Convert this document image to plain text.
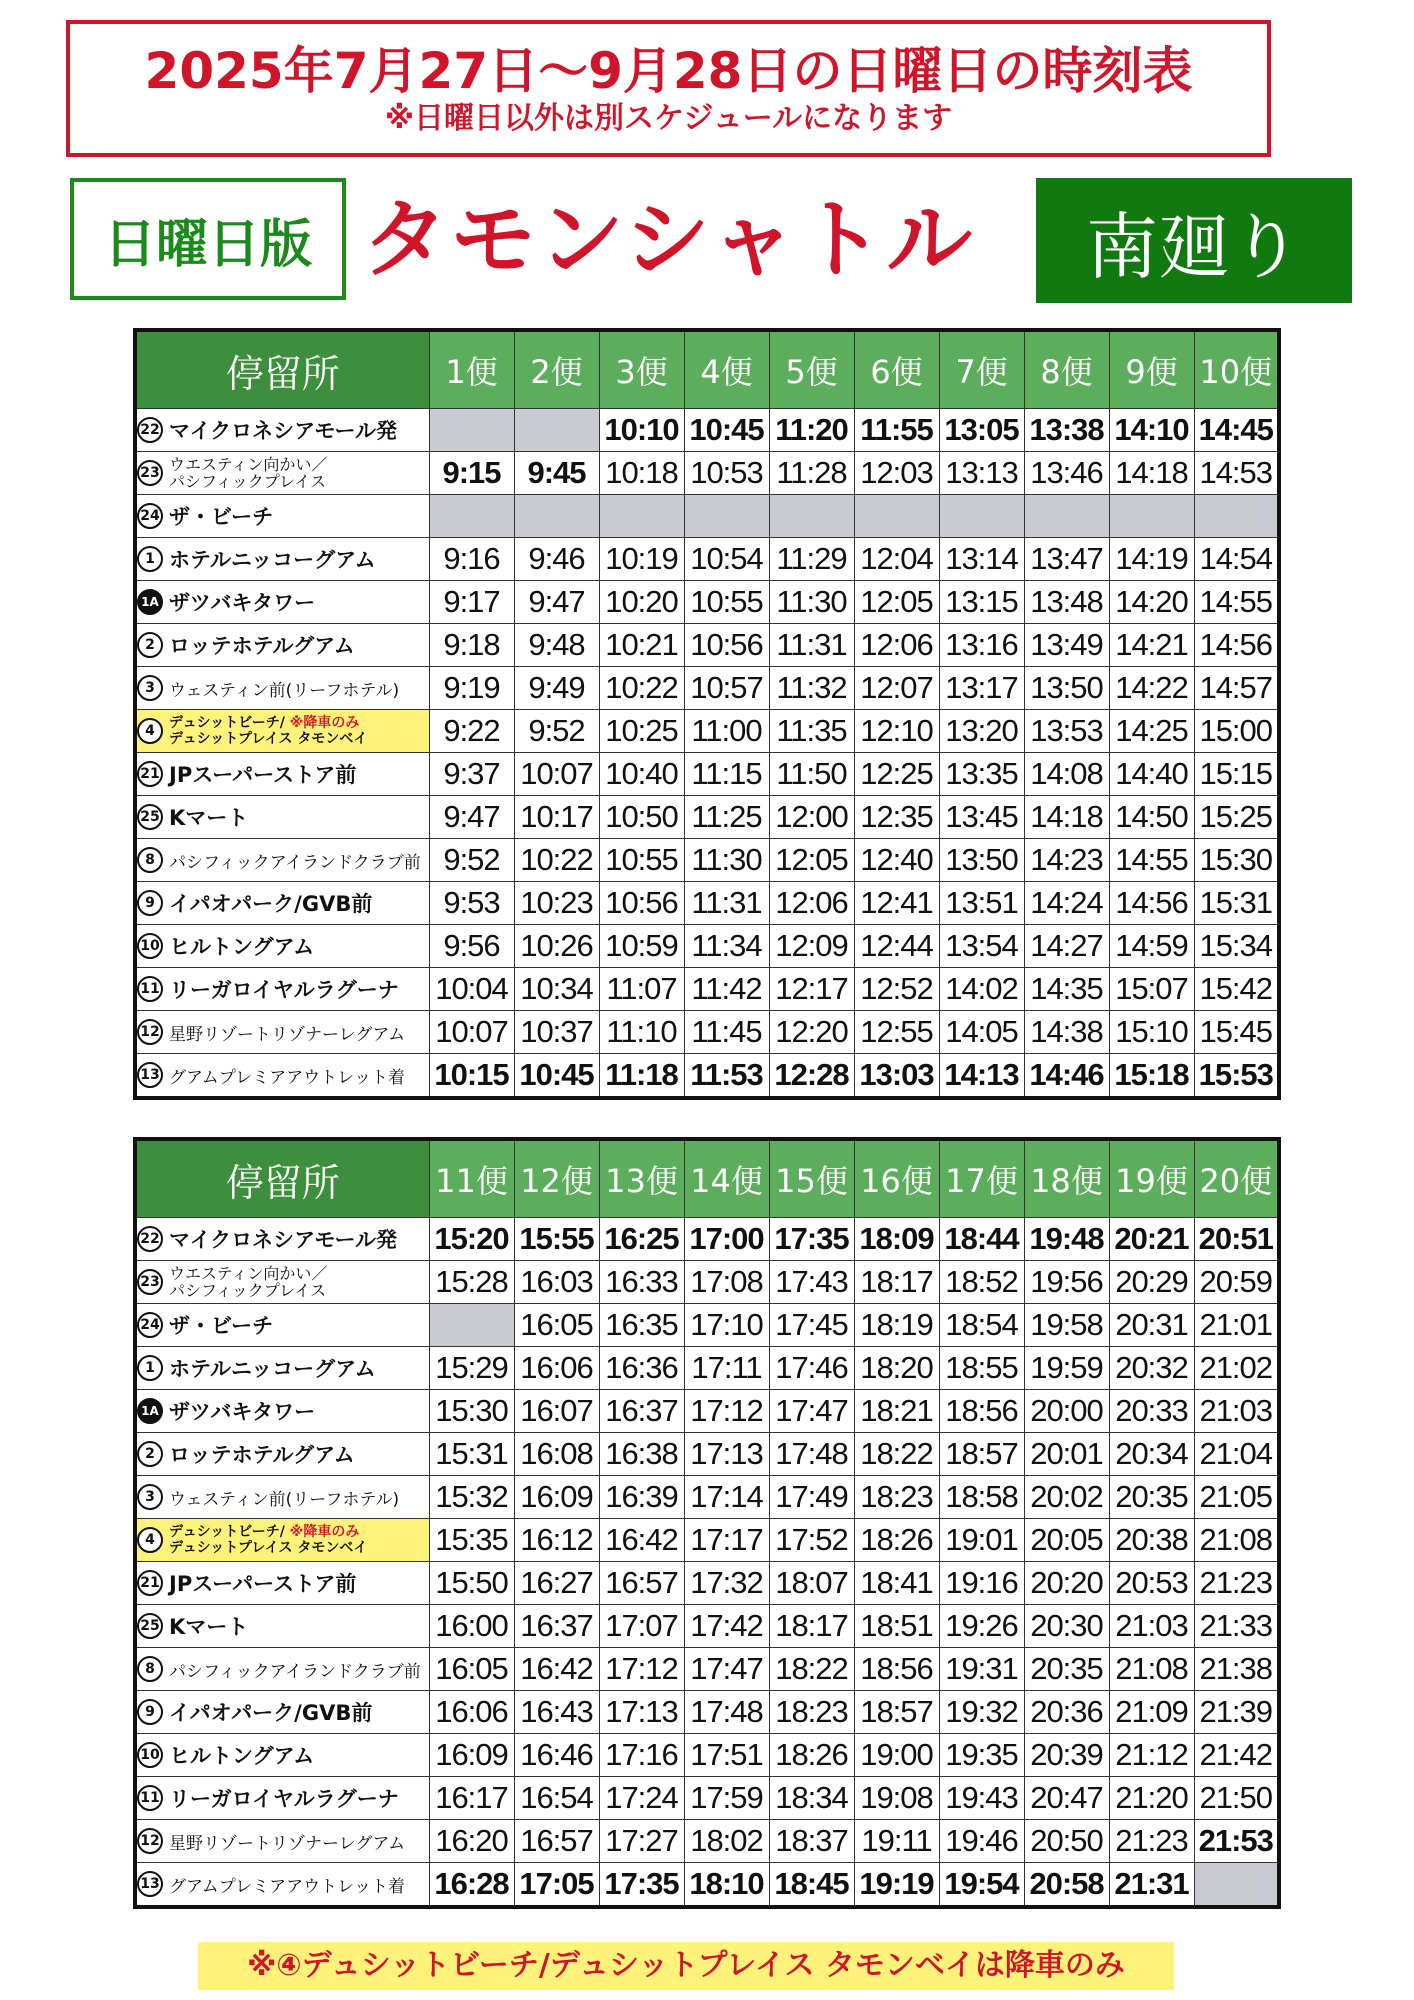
2025年7月27日～9月28日の日曜日の時刻表
※日曜日以外は別スケジュールになります
日曜日版 タモンシャトル	南廻り
停留所	1便	2便	3便	4便	5便	6便	7便	8便	9便	10便
22 マイクロネシアモール発			10:10	10:45	11:20	11:55	13:05	13:38	14:10	14:45
23 ウエスティン向かい／
パシフィックプレイス	9:15	9:45	10:18	10:53	11:28	12:03	13:13	13:46	14:18	14:53
24 ザ・ビーチ										
1 ホテルニッコーグアム	9:16	9:46	10:19	10:54	11:29	12:04	13:14	13:47	14:19	14:54
1A ザツバキタワー	9:17	9:47	10:20	10:55	11:30	12:05	13:15	13:48	14:20	14:55
2 ロッテホテルグアム	9:18	9:48	10:21	10:56	11:31	12:06	13:16	13:49	14:21	14:56
3 ウェスティン前(リーフホテル)	9:19	9:49	10:22	10:57	11:32	12:07	13:17	13:50	14:22	14:57
4 デュシットビーチ/ ※降車のみ
デュシットプレイス タモンベイ	9:22	9:52	10:25	11:00	11:35	12:10	13:20	13:53	14:25	15:00
21 JPスーパーストア前	9:37	10:07	10:40	11:15	11:50	12:25	13:35	14:08	14:40	15:15
25 Kマート	9:47	10:17	10:50	11:25	12:00	12:35	13:45	14:18	14:50	15:25
8 パシフィックアイランドクラブ前	9:52	10:22	10:55	11:30	12:05	12:40	13:50	14:23	14:55	15:30
9 イパオパーク/GVB前	9:53	10:23	10:56	11:31	12:06	12:41	13:51	14:24	14:56	15:31
10 ヒルトングアム	9:56	10:26	10:59	11:34	12:09	12:44	13:54	14:27	14:59	15:34
11 リーガロイヤルラグーナ	10:04	10:34	11:07	11:42	12:17	12:52	14:02	14:35	15:07	15:42
12 星野リゾートリゾナーレグアム	10:07	10:37	11:10	11:45	12:20	12:55	14:05	14:38	15:10	15:45
13 グアムプレミアアウトレット着	10:15	10:45	11:18	11:53	12:28	13:03	14:13	14:46	15:18	15:53
停留所	11便	12便	13便	14便	15便	16便	17便	18便	19便	20便
22 マイクロネシアモール発	15:20	15:55	16:25	17:00	17:35	18:09	18:44	19:48	20:21	20:51
23 ウエスティン向かい／
パシフィックプレイス	15:28	16:03	16:33	17:08	17:43	18:17	18:52	19:56	20:29	20:59
24 ザ・ビーチ		16:05	16:35	17:10	17:45	18:19	18:54	19:58	20:31	21:01
1 ホテルニッコーグアム	15:29	16:06	16:36	17:11	17:46	18:20	18:55	19:59	20:32	21:02
1A ザツバキタワー	15:30	16:07	16:37	17:12	17:47	18:21	18:56	20:00	20:33	21:03
2 ロッテホテルグアム	15:31	16:08	16:38	17:13	17:48	18:22	18:57	20:01	20:34	21:04
3 ウェスティン前(リーフホテル)	15:32	16:09	16:39	17:14	17:49	18:23	18:58	20:02	20:35	21:05
4 デュシットビーチ/ ※降車のみ
デュシットプレイス タモンベイ	15:35	16:12	16:42	17:17	17:52	18:26	19:01	20:05	20:38	21:08
21 JPスーパーストア前	15:50	16:27	16:57	17:32	18:07	18:41	19:16	20:20	20:53	21:23
25 Kマート	16:00	16:37	17:07	17:42	18:17	18:51	19:26	20:30	21:03	21:33
8 パシフィックアイランドクラブ前	16:05	16:42	17:12	17:47	18:22	18:56	19:31	20:35	21:08	21:38
9 イパオパーク/GVB前	16:06	16:43	17:13	17:48	18:23	18:57	19:32	20:36	21:09	21:39
10 ヒルトングアム	16:09	16:46	17:16	17:51	18:26	19:00	19:35	20:39	21:12	21:42
11 リーガロイヤルラグーナ	16:17	16:54	17:24	17:59	18:34	19:08	19:43	20:47	21:20	21:50
12 星野リゾートリゾナーレグアム	16:20	16:57	17:27	18:02	18:37	19:11	19:46	20:50	21:23	21:53
13 グアムプレミアアウトレット着	16:28	17:05	17:35	18:10	18:45	19:19	19:54	20:58	21:31	
※④デュシットビーチ/デュシットプレイス タモンベイは降車のみ
